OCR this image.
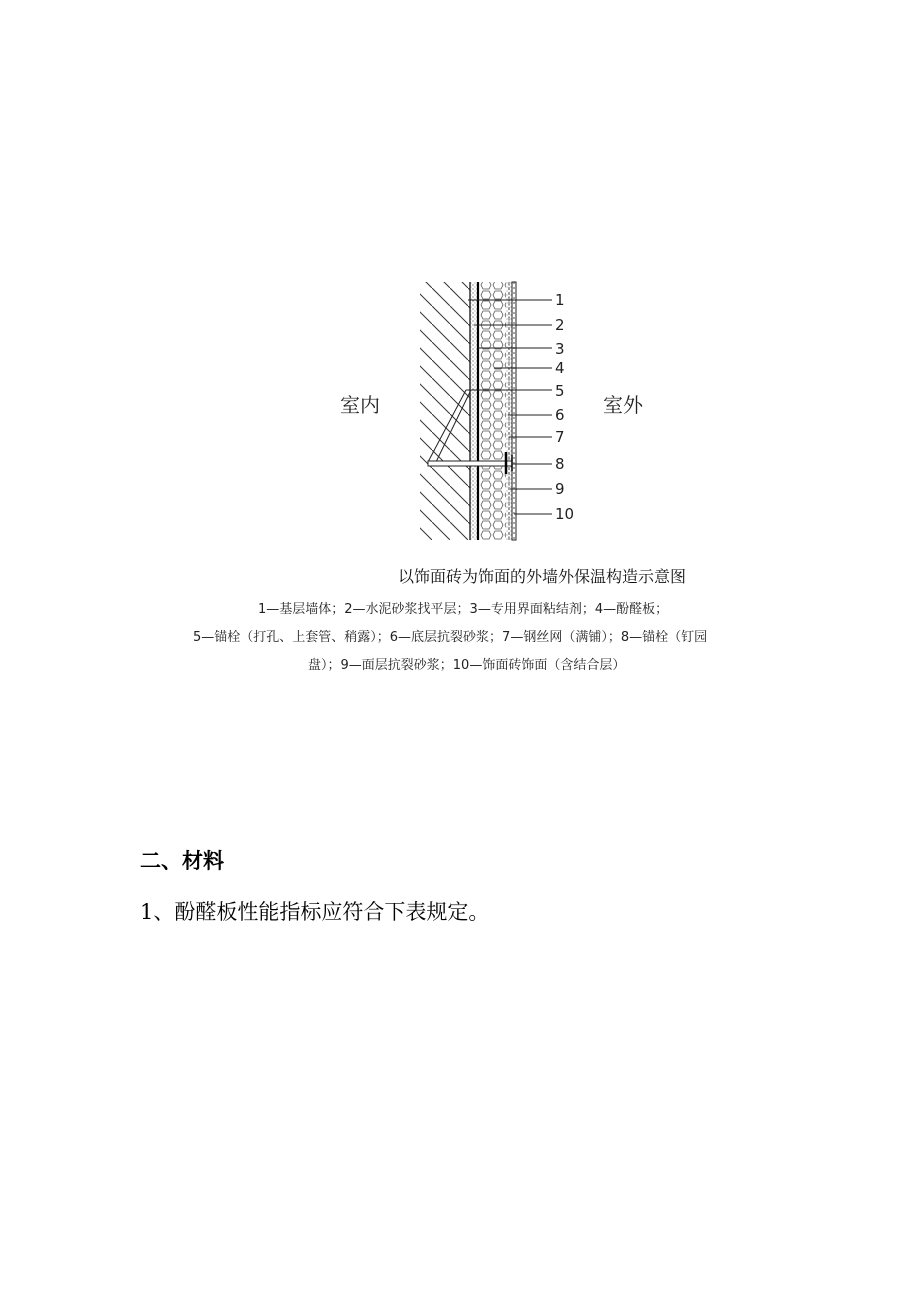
1
2
3
4
5
6
7
8
9
10
室内	室外
以饰面砖为饰面的外墙外保温构造示意图
1—基层墙体；2—水泥砂浆找平层；3—专用界面粘结剂；4—酚醛板；
5—锚栓（打孔、上套管、稍露）；6—底层抗裂砂浆；7—钢丝网（满铺）；8—锚栓（钉园
盘）；9—面层抗裂砂浆；10—饰面砖饰面（含结合层）
二、材料
1、酚醛板性能指标应符合下表规定。
